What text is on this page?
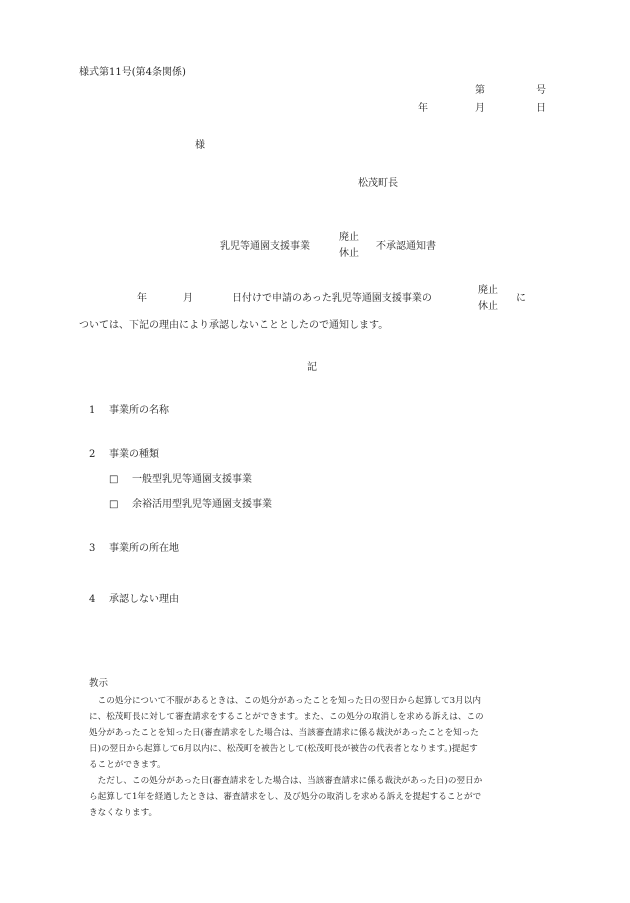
様式第11号(第4条関係)
第	号
年	月	日
様
松茂町長
乳児等通園支援事業
廃止
休止
不承認通知書
年	月	日付けで申請のあった乳児等通園支援事業の
廃止
休止
に
ついては、下記の理由により承認しないこととしたので通知します。
記
1 事業所の名称
2 事業の種類
□ 一般型乳児等通園支援事業
□ 余裕活用型乳児等通園支援事業
3 事業所の所在地
4 承認しない理由
教示
　この処分について不服があるときは、この処分があったことを知った日の翌日から起算して3月以内
に、松茂町長に対して審査請求をすることができます。また、この処分の取消しを求める訴えは、この
処分があったことを知った日(審査請求をした場合は、当該審査請求に係る裁決があったことを知った
日)の翌日から起算して6月以内に、松茂町を被告として(松茂町長が被告の代表者となります。)提起す
ることができます。
　ただし、この処分があった日(審査請求をした場合は、当該審査請求に係る裁決があった日)の翌日か
ら起算して1年を経過したときは、審査請求をし、及び処分の取消しを求める訴えを提起することがで
きなくなります。
